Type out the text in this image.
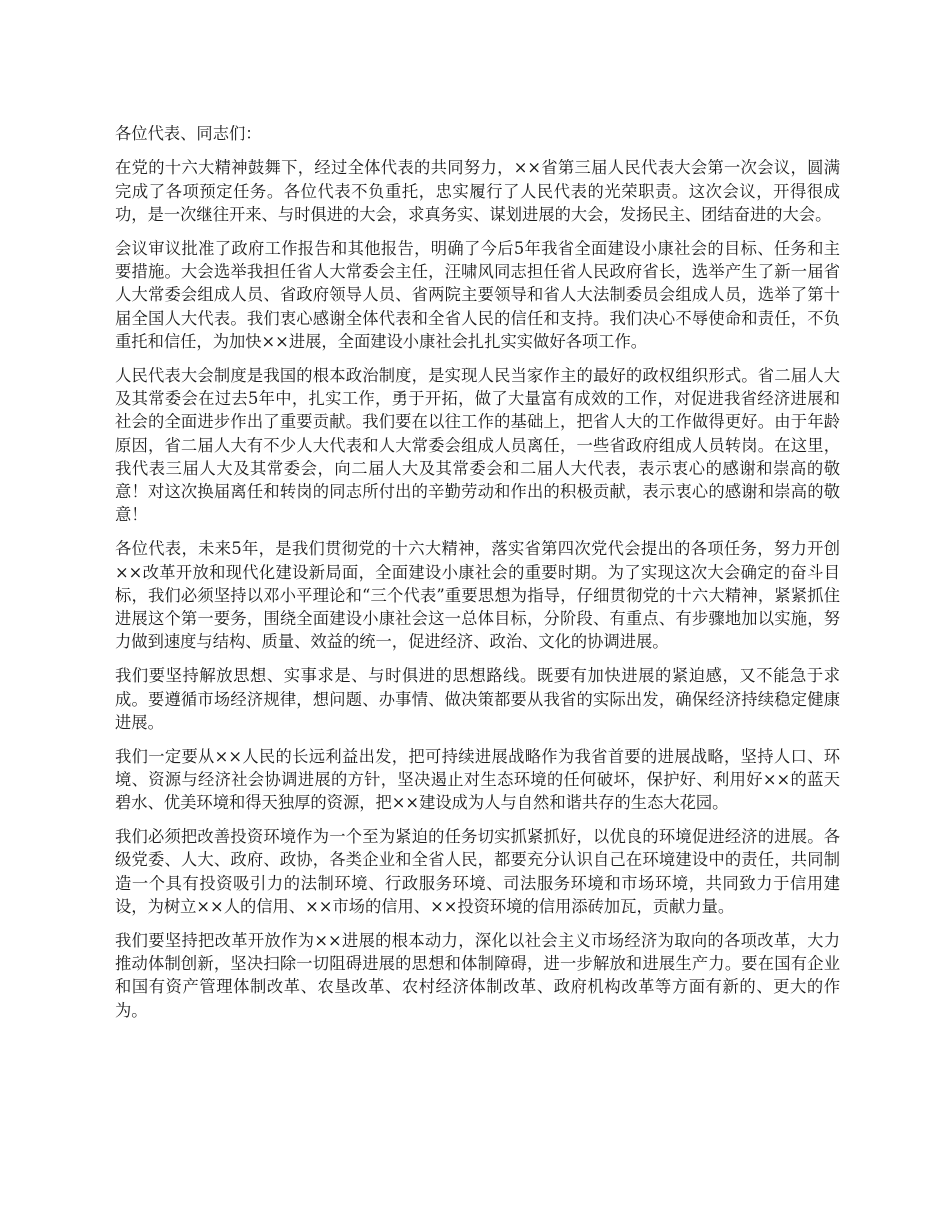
各位代表、同志们：

在党的十六大精神鼓舞下，经过全体代表的共同努力，××省第三届人民代表大会第一次会议，圆满完成了各项预定任务。各位代表不负重托，忠实履行了人民代表的光荣职责。这次会议，开得很成功，是一次继往开来、与时俱进的大会，求真务实、谋划进展的大会，发扬民主、团结奋进的大会。

会议审议批准了政府工作报告和其他报告，明确了今后5年我省全面建设小康社会的目标、任务和主要措施。大会选举我担任省人大常委会主任，汪啸风同志担任省人民政府省长，选举产生了新一届省人大常委会组成人员、省政府领导人员、省两院主要领导和省人大法制委员会组成人员，选举了第十届全国人大代表。我们衷心感谢全体代表和全省人民的信任和支持。我们决心不辱使命和责任，不负重托和信任，为加快××进展，全面建设小康社会扎扎实实做好各项工作。

人民代表大会制度是我国的根本政治制度，是实现人民当家作主的最好的政权组织形式。省二届人大及其常委会在过去5年中，扎实工作，勇于开拓，做了大量富有成效的工作，对促进我省经济进展和社会的全面进步作出了重要贡献。我们要在以往工作的基础上，把省人大的工作做得更好。由于年龄原因，省二届人大有不少人大代表和人大常委会组成人员离任，一些省政府组成人员转岗。在这里，我代表三届人大及其常委会，向二届人大及其常委会和二届人大代表，表示衷心的感谢和崇高的敬意！对这次换届离任和转岗的同志所付出的辛勤劳动和作出的积极贡献，表示衷心的感谢和崇高的敬意！

各位代表，未来5年，是我们贯彻党的十六大精神，落实省第四次党代会提出的各项任务，努力开创××改革开放和现代化建设新局面，全面建设小康社会的重要时期。为了实现这次大会确定的奋斗目标，我们必须坚持以邓小平理论和“三个代表”重要思想为指导，仔细贯彻党的十六大精神，紧紧抓住进展这个第一要务，围绕全面建设小康社会这一总体目标，分阶段、有重点、有步骤地加以实施，努力做到速度与结构、质量、效益的统一，促进经济、政治、文化的协调进展。

我们要坚持解放思想、实事求是、与时俱进的思想路线。既要有加快进展的紧迫感，又不能急于求成。要遵循市场经济规律，想问题、办事情、做决策都要从我省的实际出发，确保经济持续稳定健康进展。

我们一定要从××人民的长远利益出发，把可持续进展战略作为我省首要的进展战略，坚持人口、环境、资源与经济社会协调进展的方针，坚决遏止对生态环境的任何破坏，保护好、利用好××的蓝天碧水、优美环境和得天独厚的资源，把××建设成为人与自然和谐共存的生态大花园。

我们必须把改善投资环境作为一个至为紧迫的任务切实抓紧抓好，以优良的环境促进经济的进展。各级党委、人大、政府、政协，各类企业和全省人民，都要充分认识自己在环境建设中的责任，共同制造一个具有投资吸引力的法制环境、行政服务环境、司法服务环境和市场环境，共同致力于信用建设，为树立××人的信用、××市场的信用、××投资环境的信用添砖加瓦，贡献力量。

我们要坚持把改革开放作为××进展的根本动力，深化以社会主义市场经济为取向的各项改革，大力推动体制创新，坚决扫除一切阻碍进展的思想和体制障碍，进一步解放和进展生产力。要在国有企业和国有资产管理体制改革、农垦改革、农村经济体制改革、政府机构改革等方面有新的、更大的作为。
